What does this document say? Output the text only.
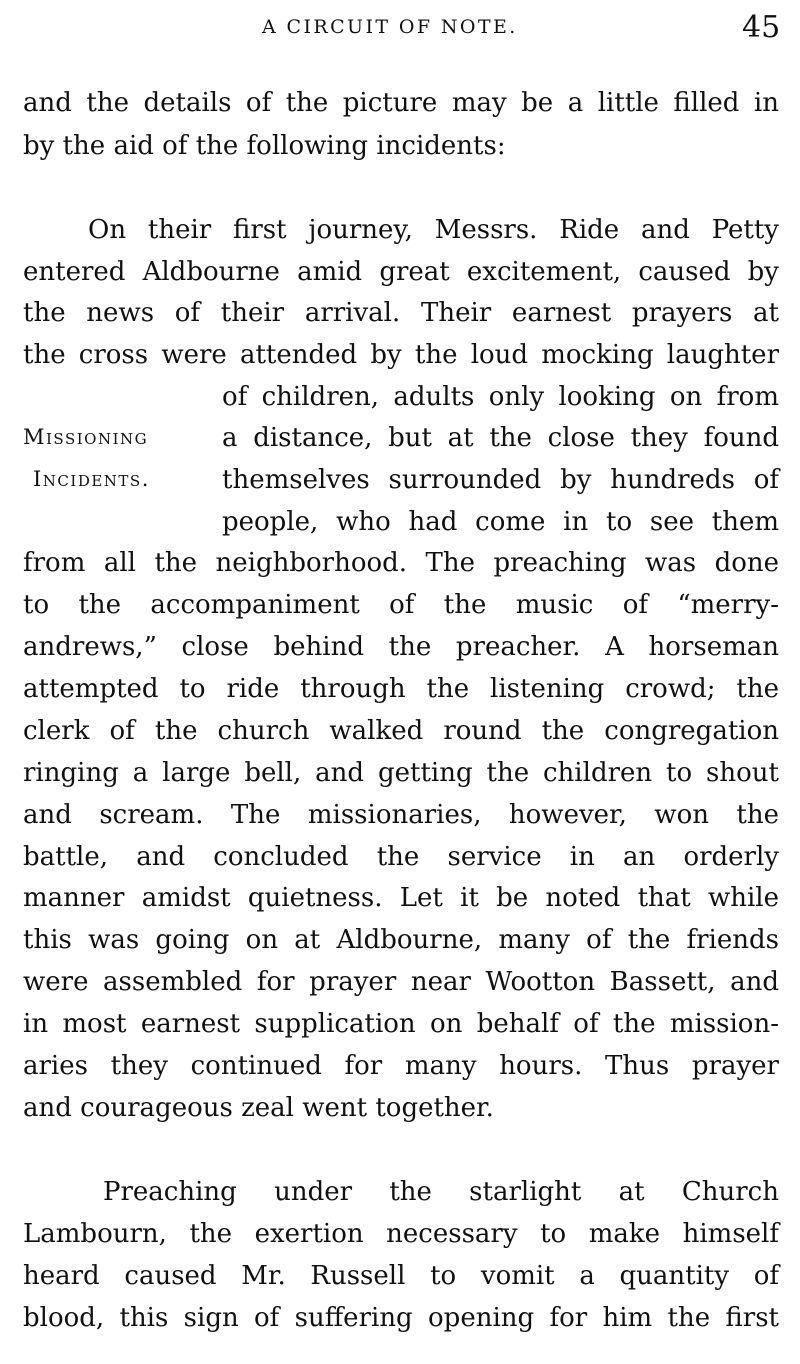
A CIRCUIT OF NOTE.	45
and the details of the picture may be a little filled in
by the aid of the following incidents:
On their first journey, Messrs. Ride and Petty
entered Aldbourne amid great excitement, caused by
the news of their arrival. Their earnest prayers at
the cross were attended by the loud mocking laughter
of children, adults only looking on from
a distance, but at the close they found
themselves surrounded by hundreds of
people, who had come in to see them
from all the neighborhood. The preaching was done
to the accompaniment of the music of “merry-
andrews,” close behind the preacher. A horseman
attempted to ride through the listening crowd; the
clerk of the church walked round the congregation
ringing a large bell, and getting the children to shout
and scream. The missionaries, however, won the
battle, and concluded the service in an orderly
manner amidst quietness. Let it be noted that while
this was going on at Aldbourne, many of the friends
were assembled for prayer near Wootton Bassett, and
in most earnest supplication on behalf of the mission-
aries they continued for many hours. Thus prayer
and courageous zeal went together.
Missioning
Incidents.
Preaching under the starlight at Church
Lambourn, the exertion necessary to make himself
heard caused Mr. Russell to vomit a quantity of
blood, this sign of suffering opening for him the first
